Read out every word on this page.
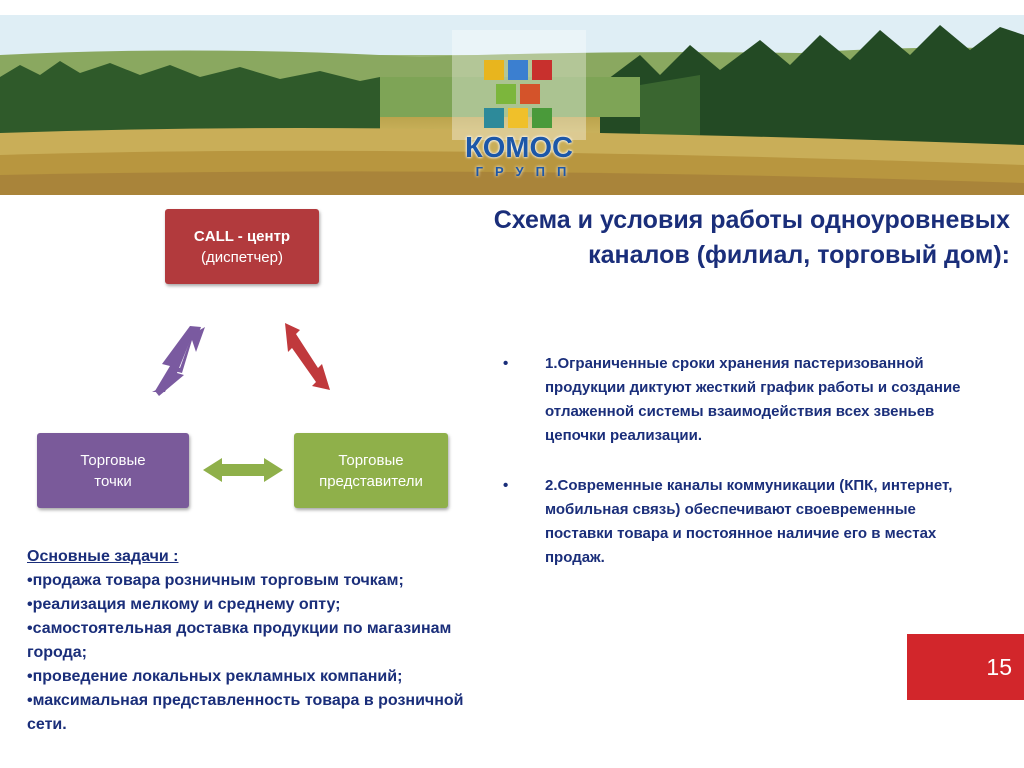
КОМОС
ГРУПП
Схема и условия работы одноуровневых
каналов (филиал, торговый дом):
CALL - центр
(диспетчер)
Торговые
точки
Торговые
представители
Основные задачи :
•продажа товара розничным торговым точкам;
•реализация мелкому и среднему опту;
•самостоятельная доставка продукции по магазинам города;
•проведение локальных рекламных компаний;
•максимальная представленность товара в розничной сети.
• 1.Ограниченные сроки хранения пастеризованной продукции диктуют жесткий график работы и создание отлаженной системы взаимодействия всех звеньев цепочки реализации.
• 2.Современные каналы коммуникации (КПК, интернет, мобильная связь) обеспечивают своевременные поставки товара и постоянное наличие его в местах продаж.
15
